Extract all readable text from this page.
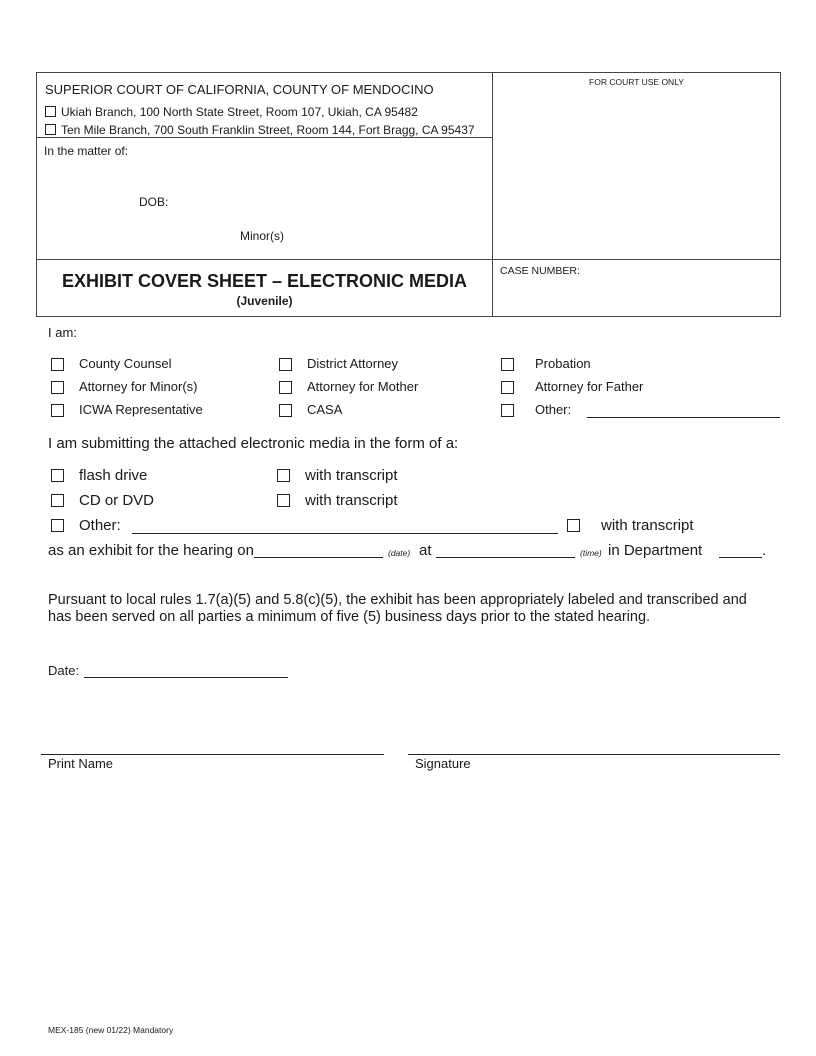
SUPERIOR COURT OF CALIFORNIA, COUNTY OF MENDOCINO
Ukiah Branch, 100 North State Street, Room 107, Ukiah, CA 95482
Ten Mile Branch, 700 South Franklin Street, Room 144, Fort Bragg, CA 95437
FOR COURT USE ONLY
In the matter of:
DOB:
Minor(s)
EXHIBIT COVER SHEET – ELECTRONIC MEDIA
(Juvenile)
CASE NUMBER:
I am:
County Counsel	District Attorney	Probation
Attorney for Minor(s)	Attorney for Mother	Attorney for Father
ICWA Representative	CASA	Other:
I am submitting the attached electronic media in the form of a:
flash drive	with transcript
CD or DVD	with transcript
Other:	with transcript
as an exhibit for the hearing on	(date) at	(time) in Department	.
Pursuant to local rules 1.7(a)(5) and 5.8(c)(5), the exhibit has been appropriately labeled and transcribed and has been served on all parties a minimum of five (5) business days prior to the stated hearing.
Date:
Print Name	Signature
MEX-185 (new 01/22) Mandatory
